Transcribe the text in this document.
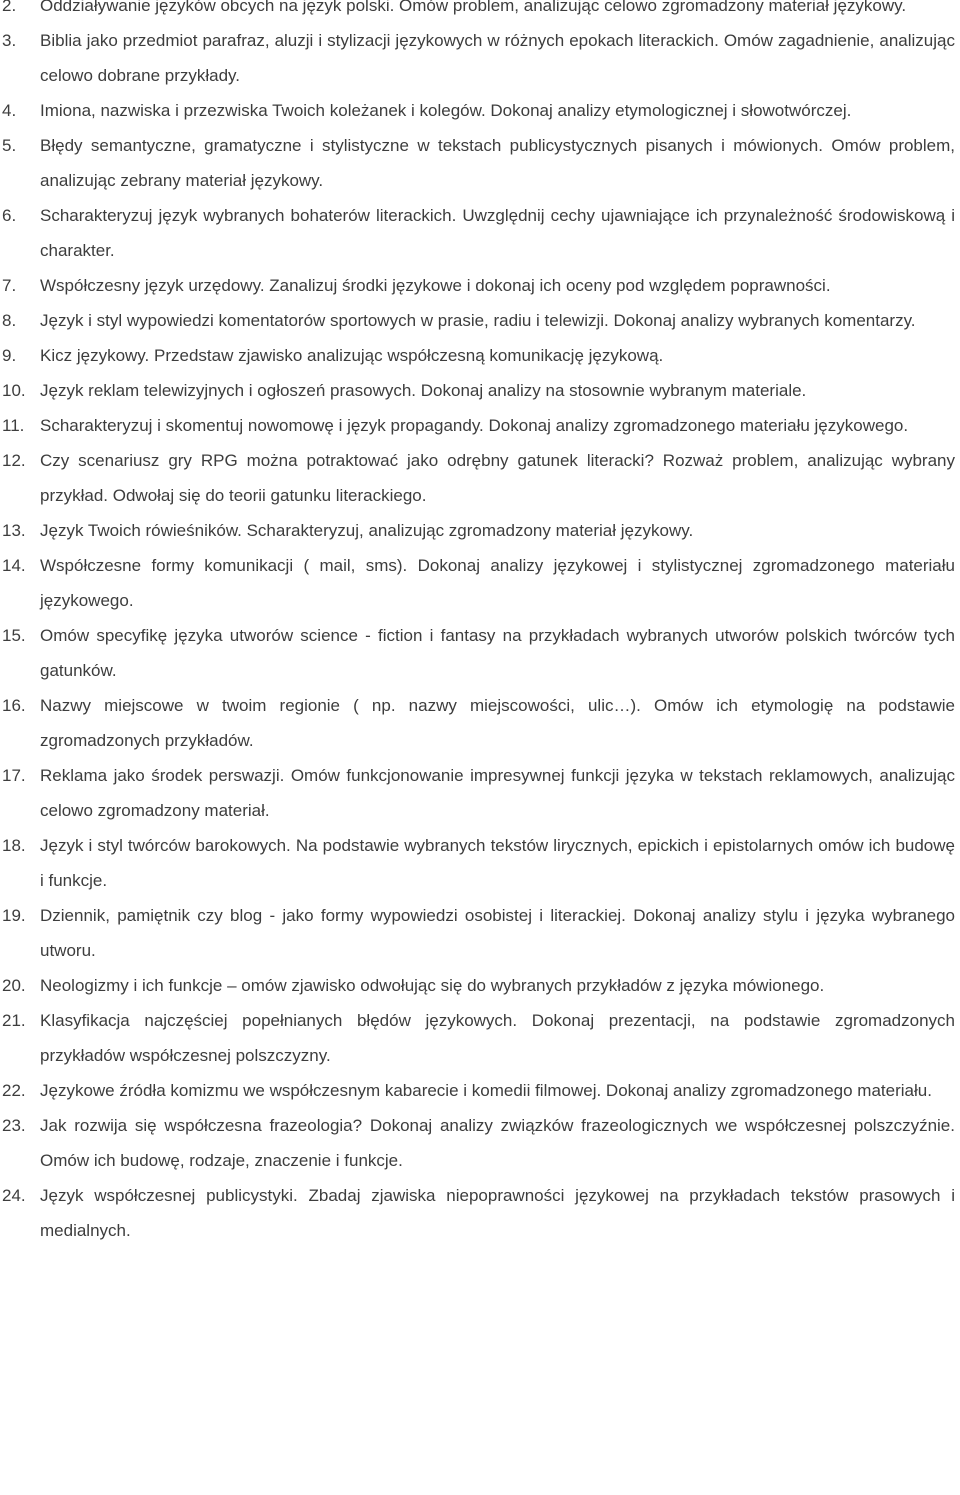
2.	Oddziaływanie języków obcych na język polski. Omów problem, analizując celowo zgromadzony materiał językowy.
3.	Biblia jako przedmiot parafraz, aluzji i stylizacji językowych w różnych epokach literackich. Omów zagadnienie, analizując celowo dobrane przykłady.
4.	Imiona, nazwiska i przezwiska Twoich koleżanek i kolegów. Dokonaj analizy etymologicznej i słowotwórczej.
5.	Błędy semantyczne, gramatyczne i stylistyczne w tekstach publicystycznych pisanych i mówionych. Omów problem, analizując zebrany materiał językowy.
6.	Scharakteryzuj język wybranych bohaterów literackich. Uwzględnij cechy ujawniające ich przynależność środowiskową i charakter.
7.	Współczesny język urzędowy. Zanalizuj środki językowe i dokonaj ich oceny pod względem poprawności.
8.	Język i styl wypowiedzi komentatorów sportowych w prasie, radiu i telewizji. Dokonaj analizy wybranych komentarzy.
9.	Kicz językowy. Przedstaw zjawisko analizując współczesną komunikację językową.
10. Język reklam telewizyjnych i ogłoszeń prasowych. Dokonaj analizy na stosownie wybranym materiale.
11. Scharakteryzuj i skomentuj nowomowę i język propagandy. Dokonaj analizy zgromadzonego materiału językowego.
12. Czy scenariusz gry RPG można potraktować jako odrębny gatunek literacki? Rozważ problem, analizując wybrany przykład. Odwołaj się do teorii gatunku literackiego.
13. Język Twoich rówieśników. Scharakteryzuj, analizując zgromadzony materiał językowy.
14. Współczesne formy komunikacji ( mail, sms). Dokonaj analizy językowej i stylistycznej zgromadzonego materiału językowego.
15. Omów specyfikę języka utworów science - fiction i fantasy na przykładach wybranych utworów polskich twórców tych gatunków.
16. Nazwy miejscowe w twoim regionie ( np. nazwy miejscowości, ulic…). Omów ich etymologię na podstawie zgromadzonych przykładów.
17. Reklama jako środek perswazji. Omów funkcjonowanie impresywnej funkcji języka w tekstach reklamowych, analizując celowo zgromadzony materiał.
18. Język i styl twórców barokowych. Na podstawie wybranych tekstów lirycznych, epickich i epistolarnych omów ich budowę i funkcje.
19. Dziennik, pamiętnik czy blog - jako formy wypowiedzi osobistej i literackiej. Dokonaj analizy stylu i języka wybranego utworu.
20. Neologizmy i ich funkcje – omów zjawisko odwołując się do wybranych przykładów z języka mówionego.
21. Klasyfikacja najczęściej popełnianych błędów językowych. Dokonaj prezentacji, na podstawie zgromadzonych przykładów współczesnej polszczyzny.
22. Językowe źródła komizmu we współczesnym kabarecie i komedii filmowej. Dokonaj analizy zgromadzonego materiału.
23. Jak rozwija się współczesna frazeologia? Dokonaj analizy związków frazeologicznych we współczesnej polszczyźnie. Omów ich budowę, rodzaje, znaczenie i funkcje.
24. Język współczesnej publicystyki. Zbadaj zjawiska niepoprawności językowej na przykładach tekstów prasowych i medialnych.
